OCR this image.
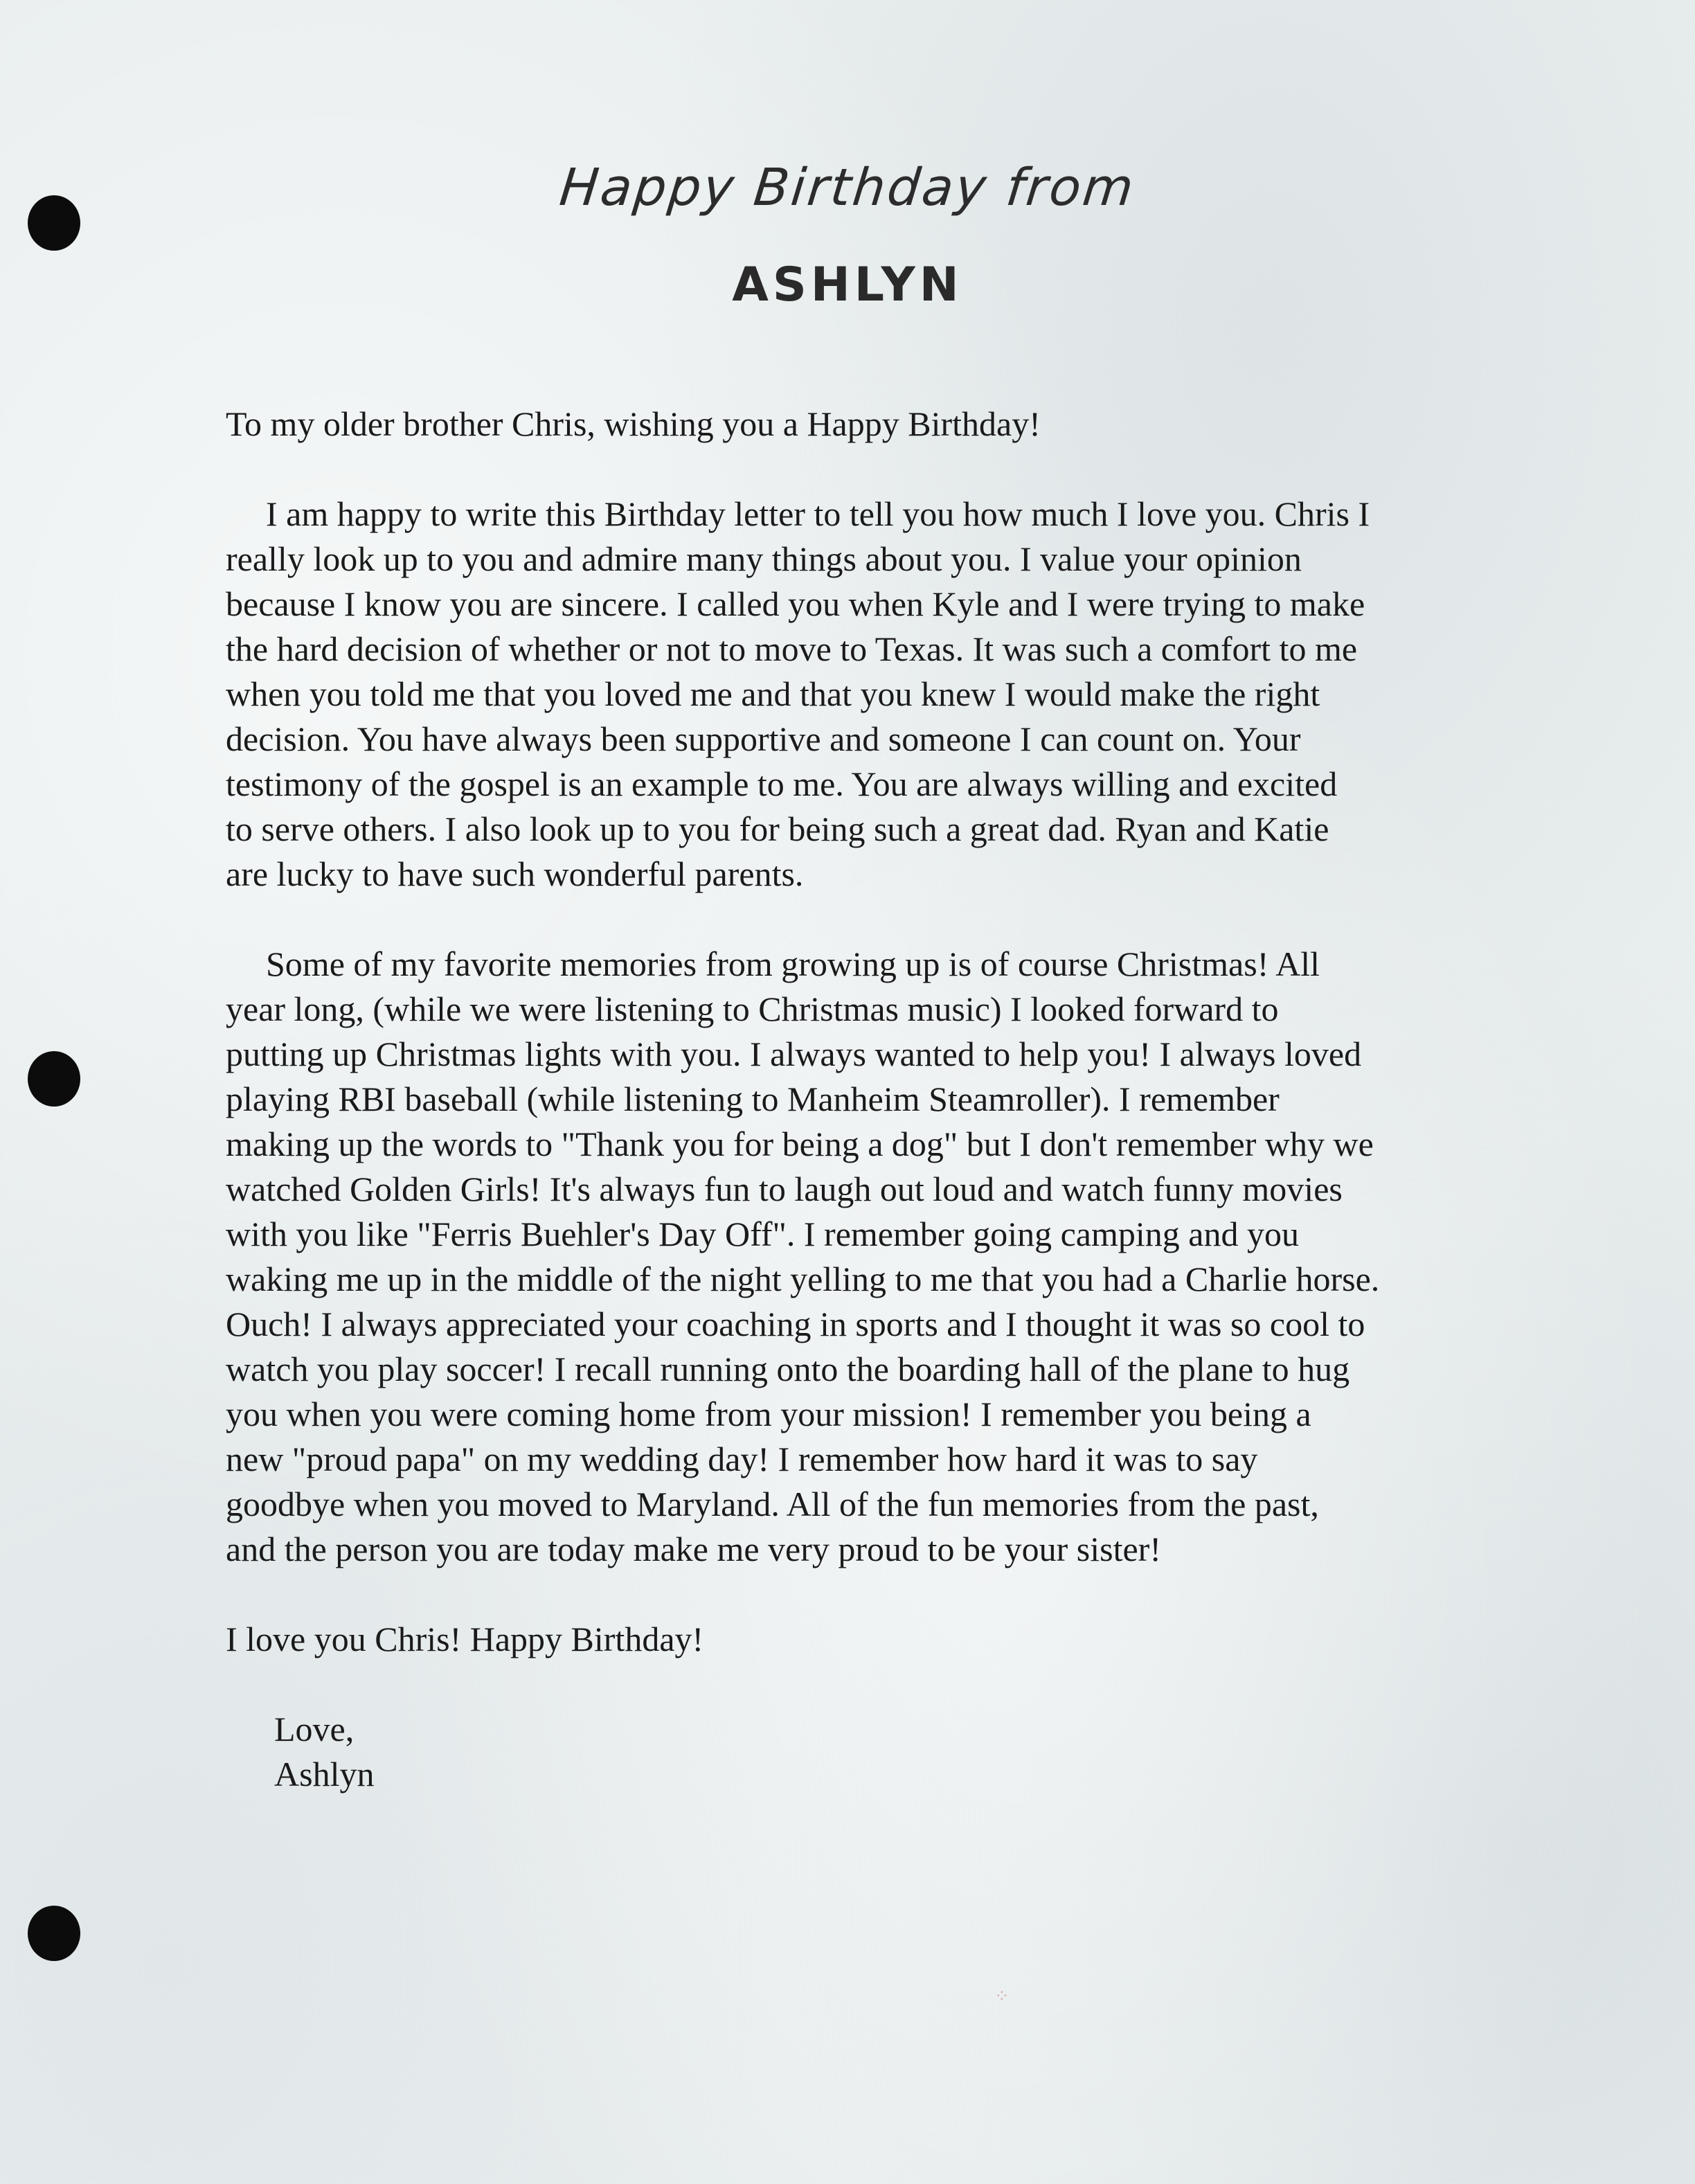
Happy Birthday from
ASHLYN

To my older brother Chris, wishing you a Happy Birthday!

I am happy to write this Birthday letter to tell you how much I love you. Chris I
really look up to you and admire many things about you. I value your opinion
because I know you are sincere. I called you when Kyle and I were trying to make
the hard decision of whether or not to move to Texas. It was such a comfort to me
when you told me that you loved me and that you knew I would make the right
decision. You have always been supportive and someone I can count on. Your
testimony of the gospel is an example to me. You are always willing and excited
to serve others. I also look up to you for being such a great dad. Ryan and Katie
are lucky to have such wonderful parents.
Some of my favorite memories from growing up is of course Christmas! All
year long, (while we were listening to Christmas music) I looked forward to
putting up Christmas lights with you. I always wanted to help you! I always loved
playing RBI baseball (while listening to Manheim Steamroller). I remember
making up the words to "Thank you for being a dog" but I don't remember why we
watched Golden Girls! It's always fun to laugh out loud and watch funny movies
with you like "Ferris Buehler's Day Off". I remember going camping and you
waking me up in the middle of the night yelling to me that you had a Charlie horse.
Ouch! I always appreciated your coaching in sports and I thought it was so cool to
watch you play soccer! I recall running onto the boarding hall of the plane to hug
you when you were coming home from your mission! I remember you being a
new "proud papa" on my wedding day! I remember how hard it was to say
goodbye when you moved to Maryland. All of the fun memories from the past,
and the person you are today make me very proud to be your sister!

I love you Chris! Happy Birthday!

Love,
Ashlyn
⁘
